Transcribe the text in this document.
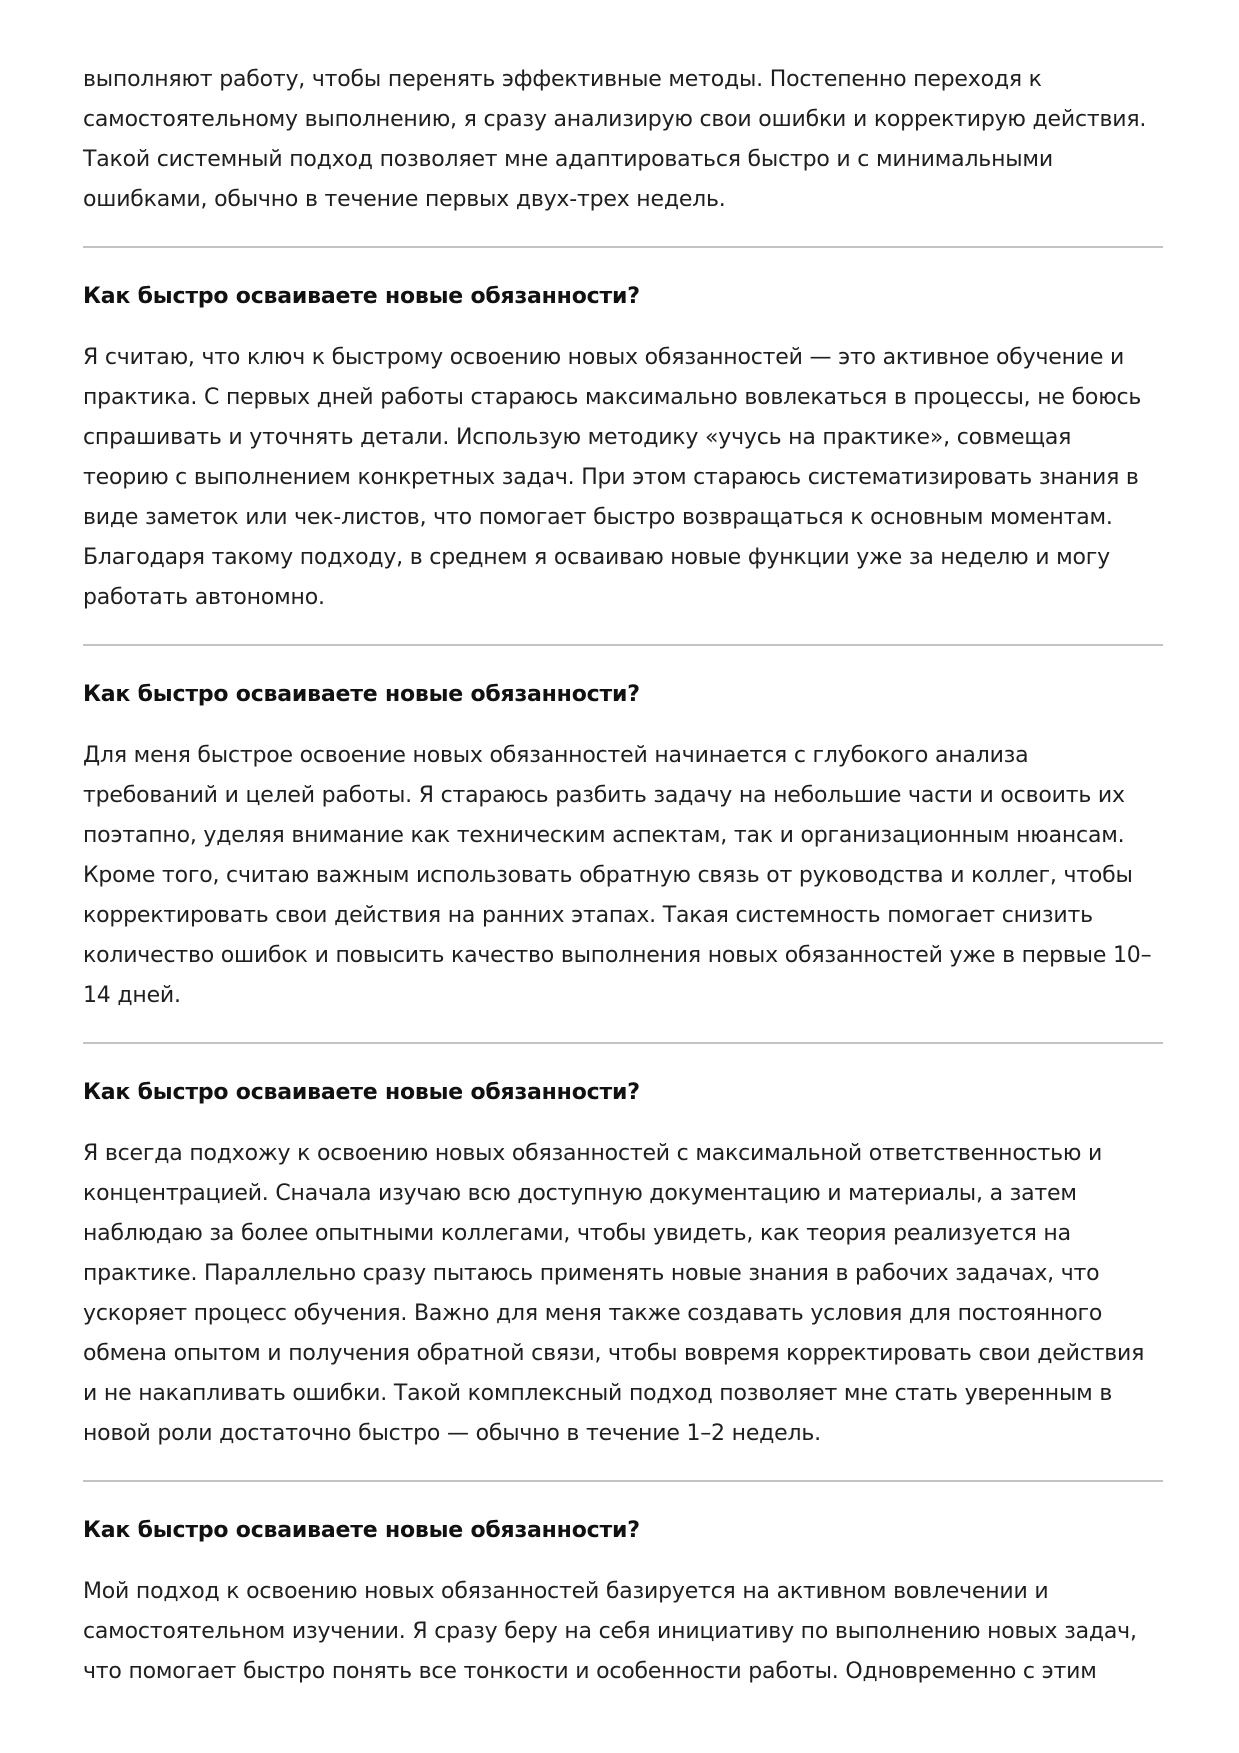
выполняют работу, чтобы перенять эффективные методы. Постепенно переходя к самостоятельному выполнению, я сразу анализирую свои ошибки и корректирую действия. Такой системный подход позволяет мне адаптироваться быстро и с минимальными ошибками, обычно в течение первых двух-трех недель.

Как быстро осваиваете новые обязанности?

Я считаю, что ключ к быстрому освоению новых обязанностей — это активное обучение и практика. С первых дней работы стараюсь максимально вовлекаться в процессы, не боюсь спрашивать и уточнять детали. Использую методику «учусь на практике», совмещая теорию с выполнением конкретных задач. При этом стараюсь систематизировать знания в виде заметок или чек-листов, что помогает быстро возвращаться к основным моментам. Благодаря такому подходу, в среднем я осваиваю новые функции уже за неделю и могу работать автономно.

Как быстро осваиваете новые обязанности?

Для меня быстрое освоение новых обязанностей начинается с глубокого анализа требований и целей работы. Я стараюсь разбить задачу на небольшие части и освоить их поэтапно, уделяя внимание как техническим аспектам, так и организационным нюансам. Кроме того, считаю важным использовать обратную связь от руководства и коллег, чтобы корректировать свои действия на ранних этапах. Такая системность помогает снизить количество ошибок и повысить качество выполнения новых обязанностей уже в первые 10–14 дней.

Как быстро осваиваете новые обязанности?

Я всегда подхожу к освоению новых обязанностей с максимальной ответственностью и концентрацией. Сначала изучаю всю доступную документацию и материалы, а затем наблюдаю за более опытными коллегами, чтобы увидеть, как теория реализуется на практике. Параллельно сразу пытаюсь применять новые знания в рабочих задачах, что ускоряет процесс обучения. Важно для меня также создавать условия для постоянного обмена опытом и получения обратной связи, чтобы вовремя корректировать свои действия и не накапливать ошибки. Такой комплексный подход позволяет мне стать уверенным в новой роли достаточно быстро — обычно в течение 1–2 недель.

Как быстро осваиваете новые обязанности?

Мой подход к освоению новых обязанностей базируется на активном вовлечении и самостоятельном изучении. Я сразу беру на себя инициативу по выполнению новых задач, что помогает быстро понять все тонкости и особенности работы. Одновременно с этим
